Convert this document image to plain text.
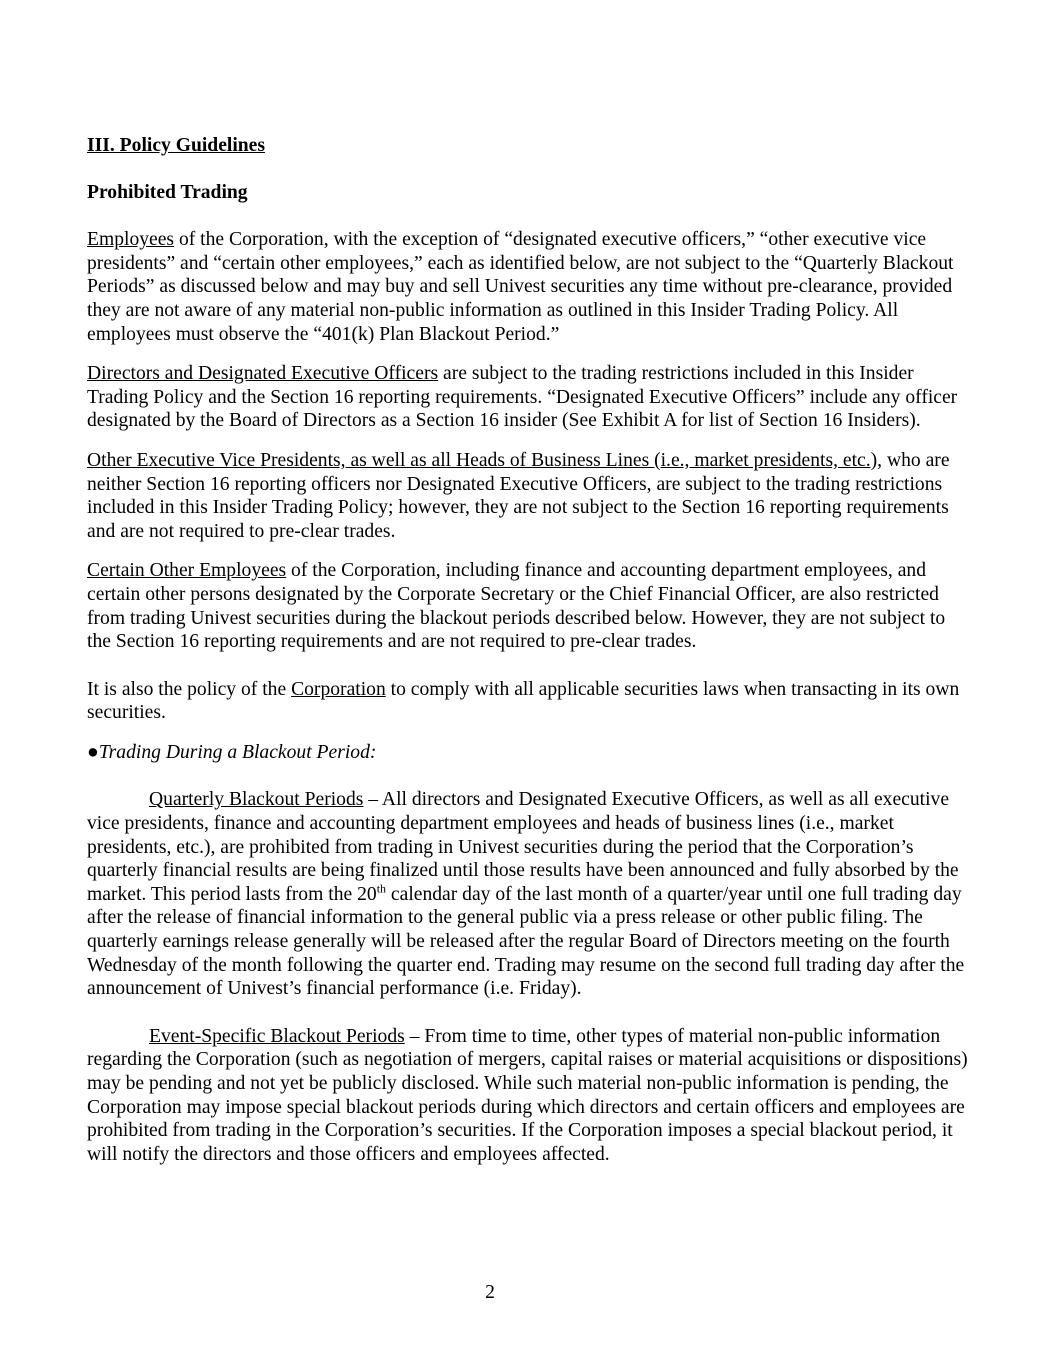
III. Policy Guidelines

Prohibited Trading

Employees of the Corporation, with the exception of “designated executive officers,” “other executive vice presidents” and “certain other employees,” each as identified below, are not subject to the “Quarterly Blackout Periods” as discussed below and may buy and sell Univest securities any time without pre-clearance, provided they are not aware of any material non-public information as outlined in this Insider Trading Policy. All employees must observe the “401(k) Plan Blackout Period.”

Directors and Designated Executive Officers are subject to the trading restrictions included in this Insider Trading Policy and the Section 16 reporting requirements. “Designated Executive Officers” include any officer designated by the Board of Directors as a Section 16 insider (See Exhibit A for list of Section 16 Insiders).

Other Executive Vice Presidents, as well as all Heads of Business Lines (i.e., market presidents, etc.), who are neither Section 16 reporting officers nor Designated Executive Officers, are subject to the trading restrictions included in this Insider Trading Policy; however, they are not subject to the Section 16 reporting requirements and are not required to pre-clear trades.

Certain Other Employees of the Corporation, including finance and accounting department employees, and certain other persons designated by the Corporate Secretary or the Chief Financial Officer, are also restricted from trading Univest securities during the blackout periods described below. However, they are not subject to the Section 16 reporting requirements and are not required to pre-clear trades.

It is also the policy of the Corporation to comply with all applicable securities laws when transacting in its own securities.

●Trading During a Blackout Period:

Quarterly Blackout Periods – All directors and Designated Executive Officers, as well as all executive vice presidents, finance and accounting department employees and heads of business lines (i.e., market presidents, etc.), are prohibited from trading in Univest securities during the period that the Corporation’s quarterly financial results are being finalized until those results have been announced and fully absorbed by the market. This period lasts from the 20th calendar day of the last month of a quarter/year until one full trading day after the release of financial information to the general public via a press release or other public filing. The quarterly earnings release generally will be released after the regular Board of Directors meeting on the fourth Wednesday of the month following the quarter end. Trading may resume on the second full trading day after the announcement of Univest’s financial performance (i.e. Friday).

Event-Specific Blackout Periods – From time to time, other types of material non-public information regarding the Corporation (such as negotiation of mergers, capital raises or material acquisitions or dispositions) may be pending and not yet be publicly disclosed. While such material non-public information is pending, the Corporation may impose special blackout periods during which directors and certain officers and employees are prohibited from trading in the Corporation’s securities. If the Corporation imposes a special blackout period, it will notify the directors and those officers and employees affected.

2
